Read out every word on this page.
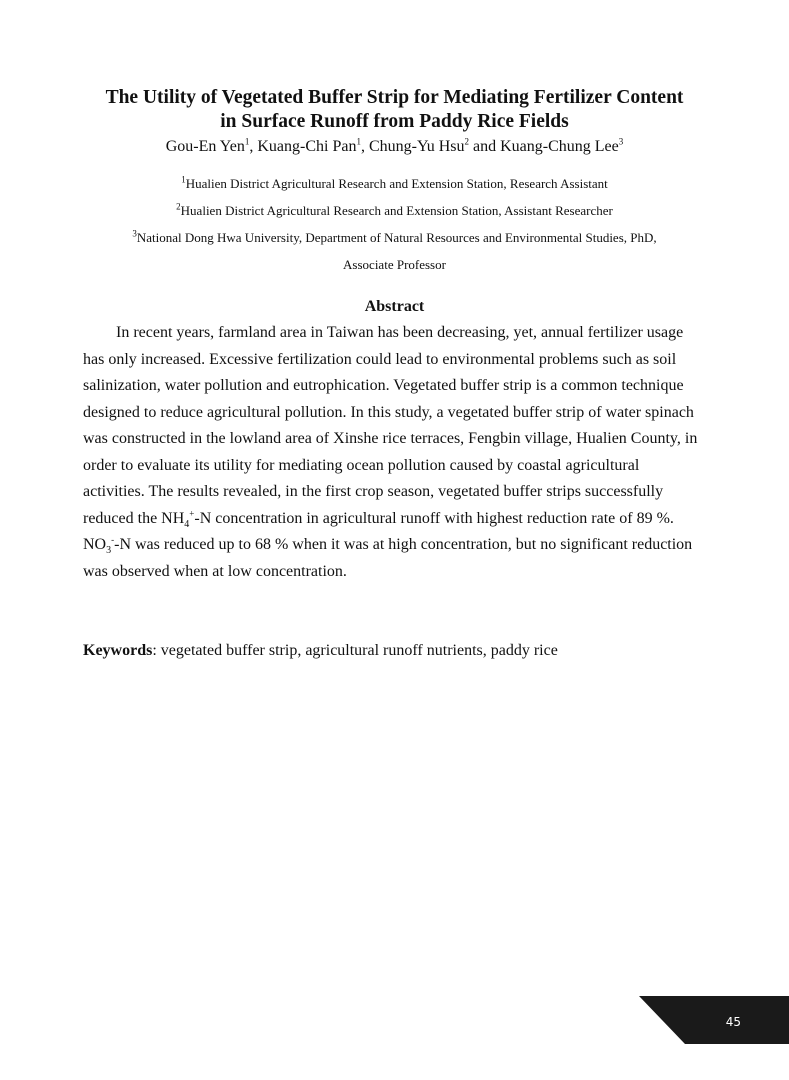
The Utility of Vegetated Buffer Strip for Mediating Fertilizer Content
in Surface Runoff from Paddy Rice Fields
Gou-En Yen$^1$, Kuang-Chi Pan$^1$, Chung-Yu Hsu$^2$ and Kuang-Chung Lee$^3$
$^1$Hualien District Agricultural Research and Extension Station, Research Assistant
$^2$Hualien District Agricultural Research and Extension Station, Assistant Researcher
$^3$National Dong Hwa University, Department of Natural Resources and Environmental Studies, PhD,
Associate Professor
Abstract

In recent years, farmland area in Taiwan has been decreasing, yet, annual fertilizer usage has only increased. Excessive fertilization could lead to environmental problems such as soil salinization, water pollution and eutrophication. Vegetated buffer strip is a common technique designed to reduce agricultural pollution. In this study, a vegetated buffer strip of water spinach was constructed in the lowland area of Xinshe rice terraces, Fengbin village, Hualien County, in order to evaluate its utility for mediating ocean pollution caused by coastal agricultural activities. The results revealed, in the first crop season, vegetated buffer strips successfully reduced the $NH_4^+-N$ concentration in agricultural runoff with highest reduction rate of 89 %. $NO_3^--N$ was reduced up to 68 % when it was at high concentration, but no significant reduction was observed when at low concentration.

Keywords: vegetated buffer strip, agricultural runoff nutrients, paddy rice
45
